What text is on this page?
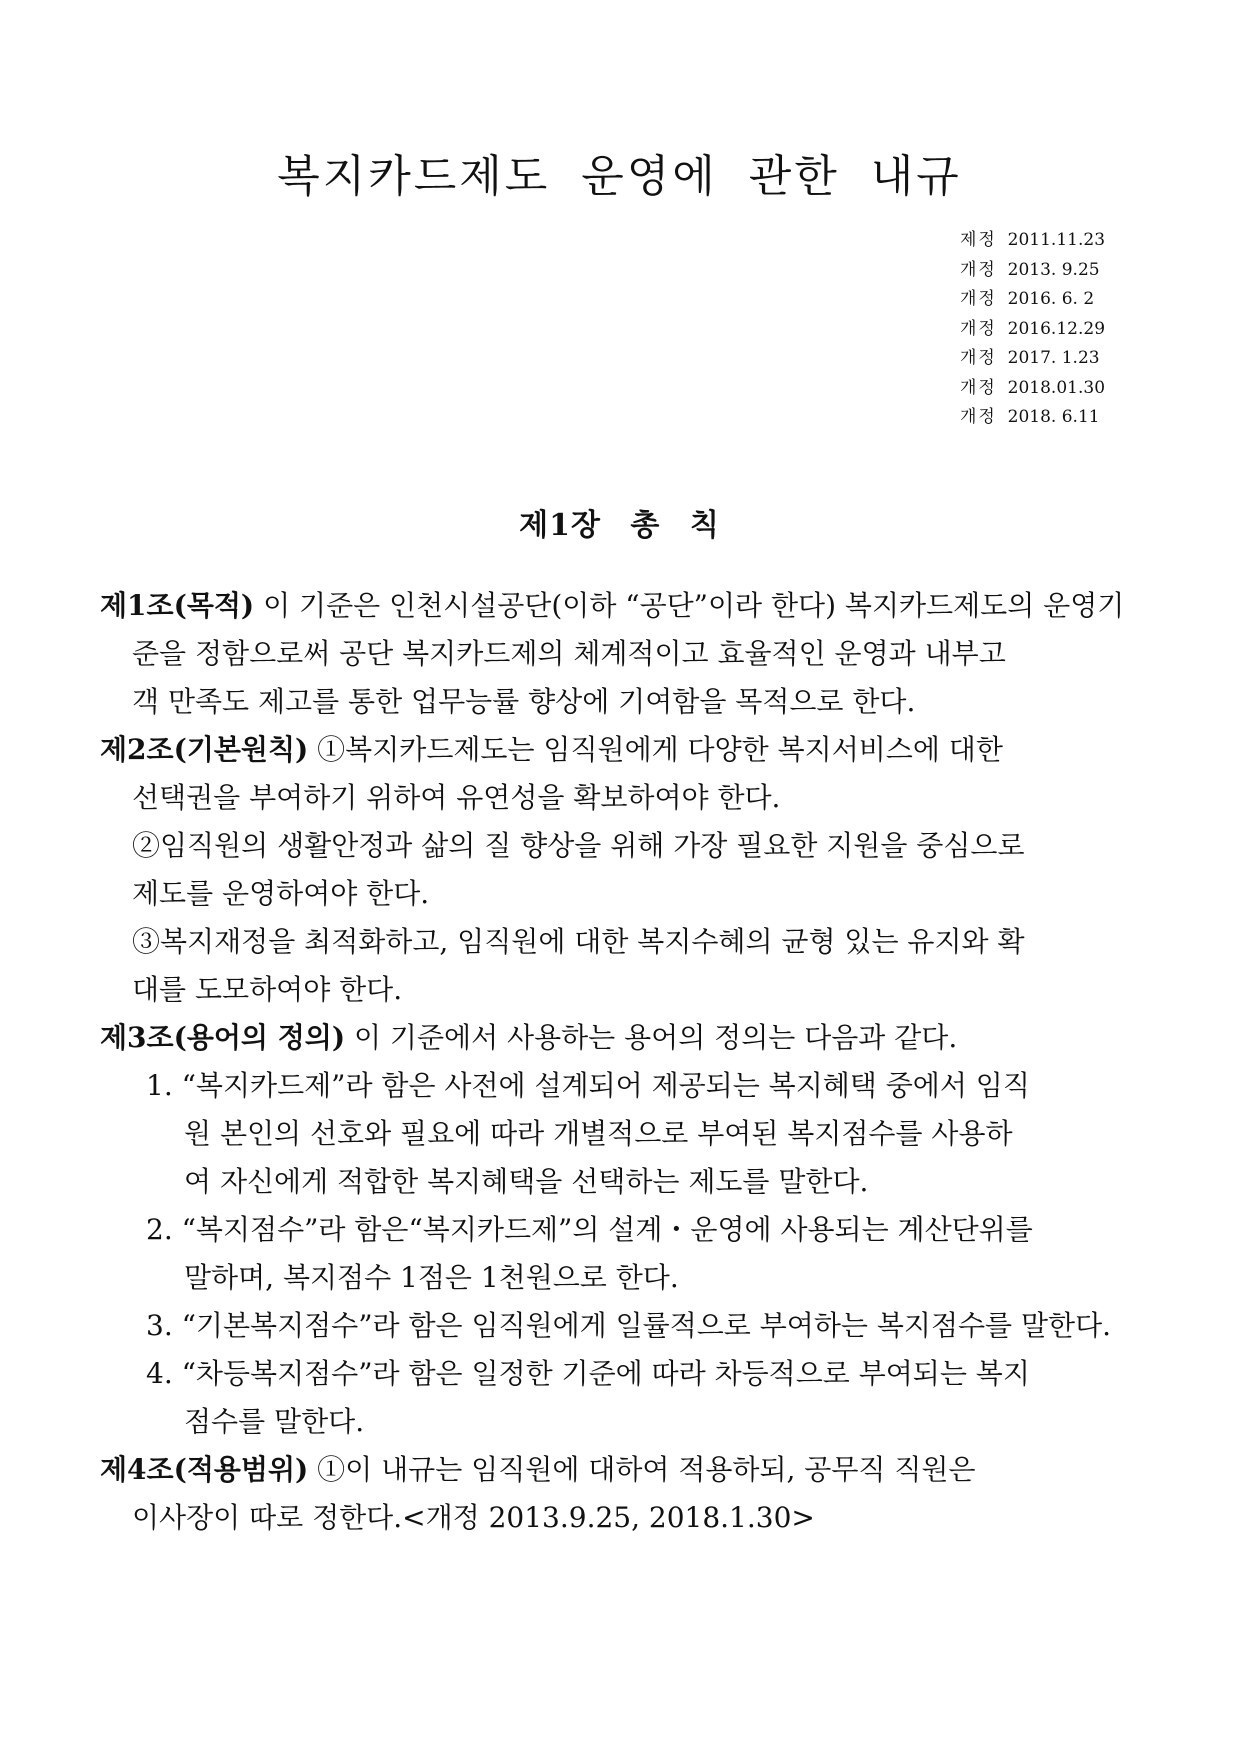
복지카드제도 운영에 관한 내규
제정 2011.11.23
개정 2013. 9.25
개정 2016. 6. 2
개정 2016.12.29
개정 2017. 1.23
개정 2018.01.30
개정 2018. 6.11
제1장 총 칙
제1조(목적) 이 기준은 인천시설공단(이하 “공단”이라 한다) 복지카드제도의 운영기
준을 정함으로써 공단 복지카드제의 체계적이고 효율적인 운영과 내부고
객 만족도 제고를 통한 업무능률 향상에 기여함을 목적으로 한다.
제2조(기본원칙) ①복지카드제도는 임직원에게 다양한 복지서비스에 대한
선택권을 부여하기 위하여 유연성을 확보하여야 한다.
②임직원의 생활안정과 삶의 질 향상을 위해 가장 필요한 지원을 중심으로
제도를 운영하여야 한다.
③복지재정을 최적화하고, 임직원에 대한 복지수혜의 균형 있는 유지와 확
대를 도모하여야 한다.
제3조(용어의 정의) 이 기준에서 사용하는 용어의 정의는 다음과 같다.
1. “복지카드제”라 함은 사전에 설계되어 제공되는 복지혜택 중에서 임직
원 본인의 선호와 필요에 따라 개별적으로 부여된 복지점수를 사용하
여 자신에게 적합한 복지혜택을 선택하는 제도를 말한다.
2. “복지점수”라 함은“복지카드제”의 설계・운영에 사용되는 계산단위를
말하며, 복지점수 1점은 1천원으로 한다.
3. “기본복지점수”라 함은 임직원에게 일률적으로 부여하는 복지점수를 말한다.
4. “차등복지점수”라 함은 일정한 기준에 따라 차등적으로 부여되는 복지
점수를 말한다.
제4조(적용범위) ①이 내규는 임직원에 대하여 적용하되, 공무직 직원은
이사장이 따로 정한다.<개정 2013.9.25, 2018.1.30>
